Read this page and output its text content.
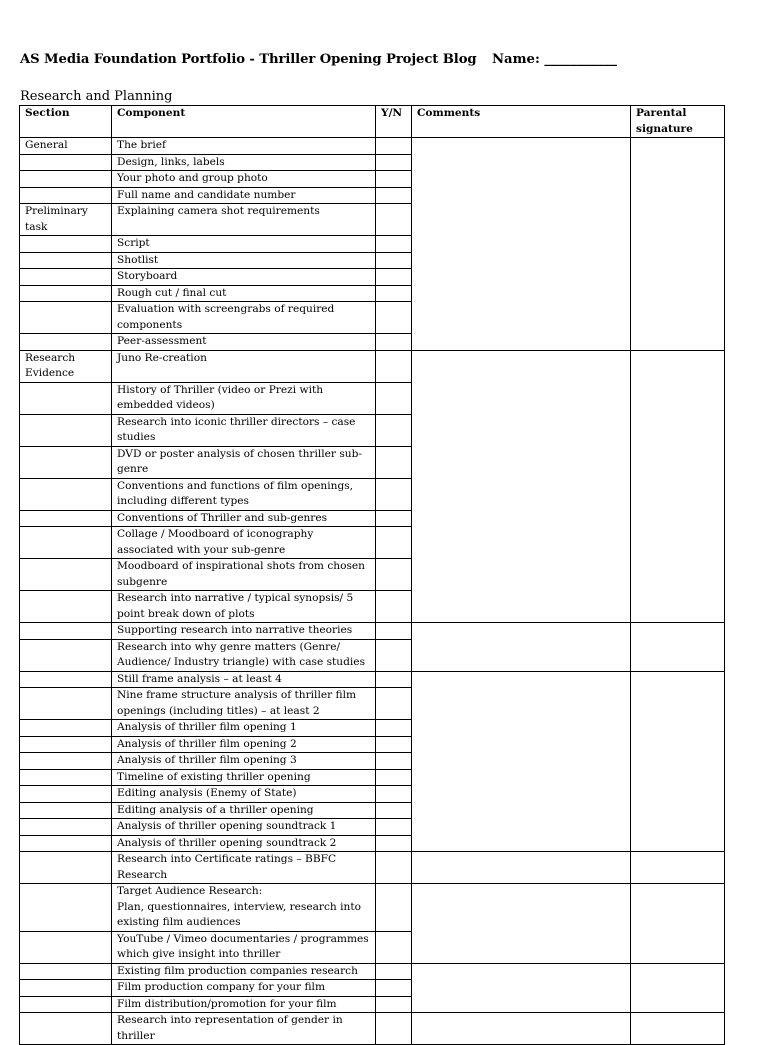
AS Media Foundation Portfolio - Thriller Opening Project Blog Name: ___________
Research and Planning
Section	Component	Y/N	Comments	Parental signature
General	The brief			
	Design, links, labels			
	Your photo and group photo			
	Full name and candidate number			
Preliminary task	Explaining camera shot requirements			
	Script			
	Shotlist			
	Storyboard			
	Rough cut / final cut			
	Evaluation with screengrabs of required components			
	Peer-assessment			
Research Evidence	Juno Re-creation			
	History of Thriller (video or Prezi with embedded videos)			
	Research into iconic thriller directors – case studies			
	DVD or poster analysis of chosen thriller sub-genre			
	Conventions and functions of film openings, including different types			
	Conventions of Thriller and sub-genres			
	Collage / Moodboard of iconography associated with your sub-genre			
	Moodboard of inspirational shots from chosen subgenre			
	Research into narrative / typical synopsis/ 5 point break down of plots			
	Supporting research into narrative theories			
	Research into why genre matters (Genre/ Audience/ Industry triangle) with case studies			
	Still frame analysis – at least 4			
	Nine frame structure analysis of thriller film openings (including titles) – at least 2			
	Analysis of thriller film opening 1			
	Analysis of thriller film opening 2			
	Analysis of thriller film opening 3			
	Timeline of existing thriller opening			
	Editing analysis (Enemy of State)			
	Editing analysis of a thriller opening			
	Analysis of thriller opening soundtrack 1			
	Analysis of thriller opening soundtrack 2			
	Research into Certificate ratings – BBFC Research			
	Target Audience Research:
Plan, questionnaires, interview, research into existing film audiences			
	YouTube / Vimeo documentaries / programmes which give insight into thriller			
	Existing film production companies research			
	Film production company for your film			
	Film distribution/promotion for your film			
	Research into representation of gender in thriller			
